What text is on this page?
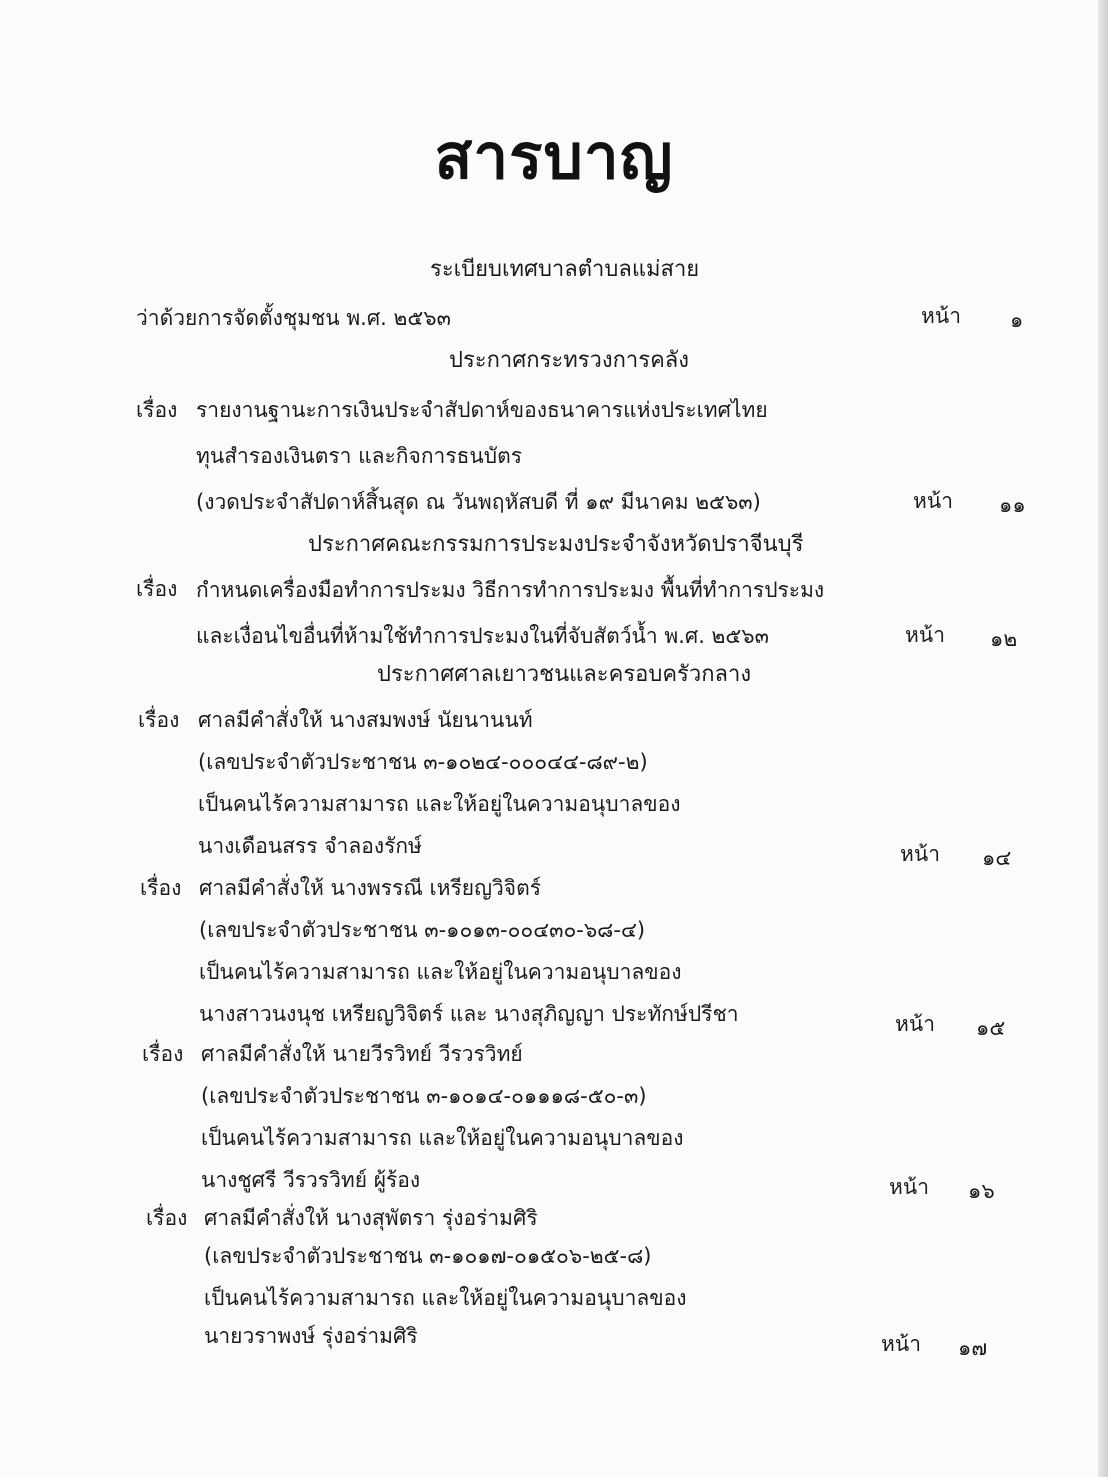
สารบาญ
ระเบียบเทศบาลตำบลแม่สาย
ว่าด้วยการจัดตั้งชุมชน พ.ศ. ๒๕๖๓	หน้า ๑
ประกาศกระทรวงการคลัง
เรื่อง รายงานฐานะการเงินประจำสัปดาห์ของธนาคารแห่งประเทศไทย
ทุนสำรองเงินตรา และกิจการธนบัตร
(งวดประจำสัปดาห์สิ้นสุด ณ วันพฤหัสบดี ที่ ๑๙ มีนาคม ๒๕๖๓)	หน้า ๑๑
ประกาศคณะกรรมการประมงประจำจังหวัดปราจีนบุรี
เรื่อง กำหนดเครื่องมือทำการประมง วิธีการทำการประมง พื้นที่ทำการประมง
และเงื่อนไขอื่นที่ห้ามใช้ทำการประมงในที่จับสัตว์น้ำ พ.ศ. ๒๕๖๓	หน้า ๑๒
ประกาศศาลเยาวชนและครอบครัวกลาง
เรื่อง ศาลมีคำสั่งให้ นางสมพงษ์ นัยนานนท์
(เลขประจำตัวประชาชน ๓-๑๐๒๔-๐๐๐๔๔-๘๙-๒)
เป็นคนไร้ความสามารถ และให้อยู่ในความอนุบาลของ
นางเดือนสรร จำลองรักษ์	หน้า ๑๔
เรื่อง ศาลมีคำสั่งให้ นางพรรณี เหรียญวิจิตร์
(เลขประจำตัวประชาชน ๓-๑๐๑๓-๐๐๔๓๐-๖๘-๔)
เป็นคนไร้ความสามารถ และให้อยู่ในความอนุบาลของ
นางสาวนงนุช เหรียญวิจิตร์ และ นางสุภิญญา ประทักษ์ปรีชา	หน้า ๑๕
เรื่อง ศาลมีคำสั่งให้ นายวีรวิทย์ วีรวรวิทย์
(เลขประจำตัวประชาชน ๓-๑๐๑๔-๐๑๑๑๘-๕๐-๓)
เป็นคนไร้ความสามารถ และให้อยู่ในความอนุบาลของ
นางชูศรี วีรวรวิทย์ ผู้ร้อง	หน้า ๑๖
เรื่อง ศาลมีคำสั่งให้ นางสุพัตรา รุ่งอร่ามศิริ
(เลขประจำตัวประชาชน ๓-๑๐๑๗-๐๑๕๐๖-๒๕-๘)
เป็นคนไร้ความสามารถ และให้อยู่ในความอนุบาลของ
นายวราพงษ์ รุ่งอร่ามศิริ	หน้า ๑๗
